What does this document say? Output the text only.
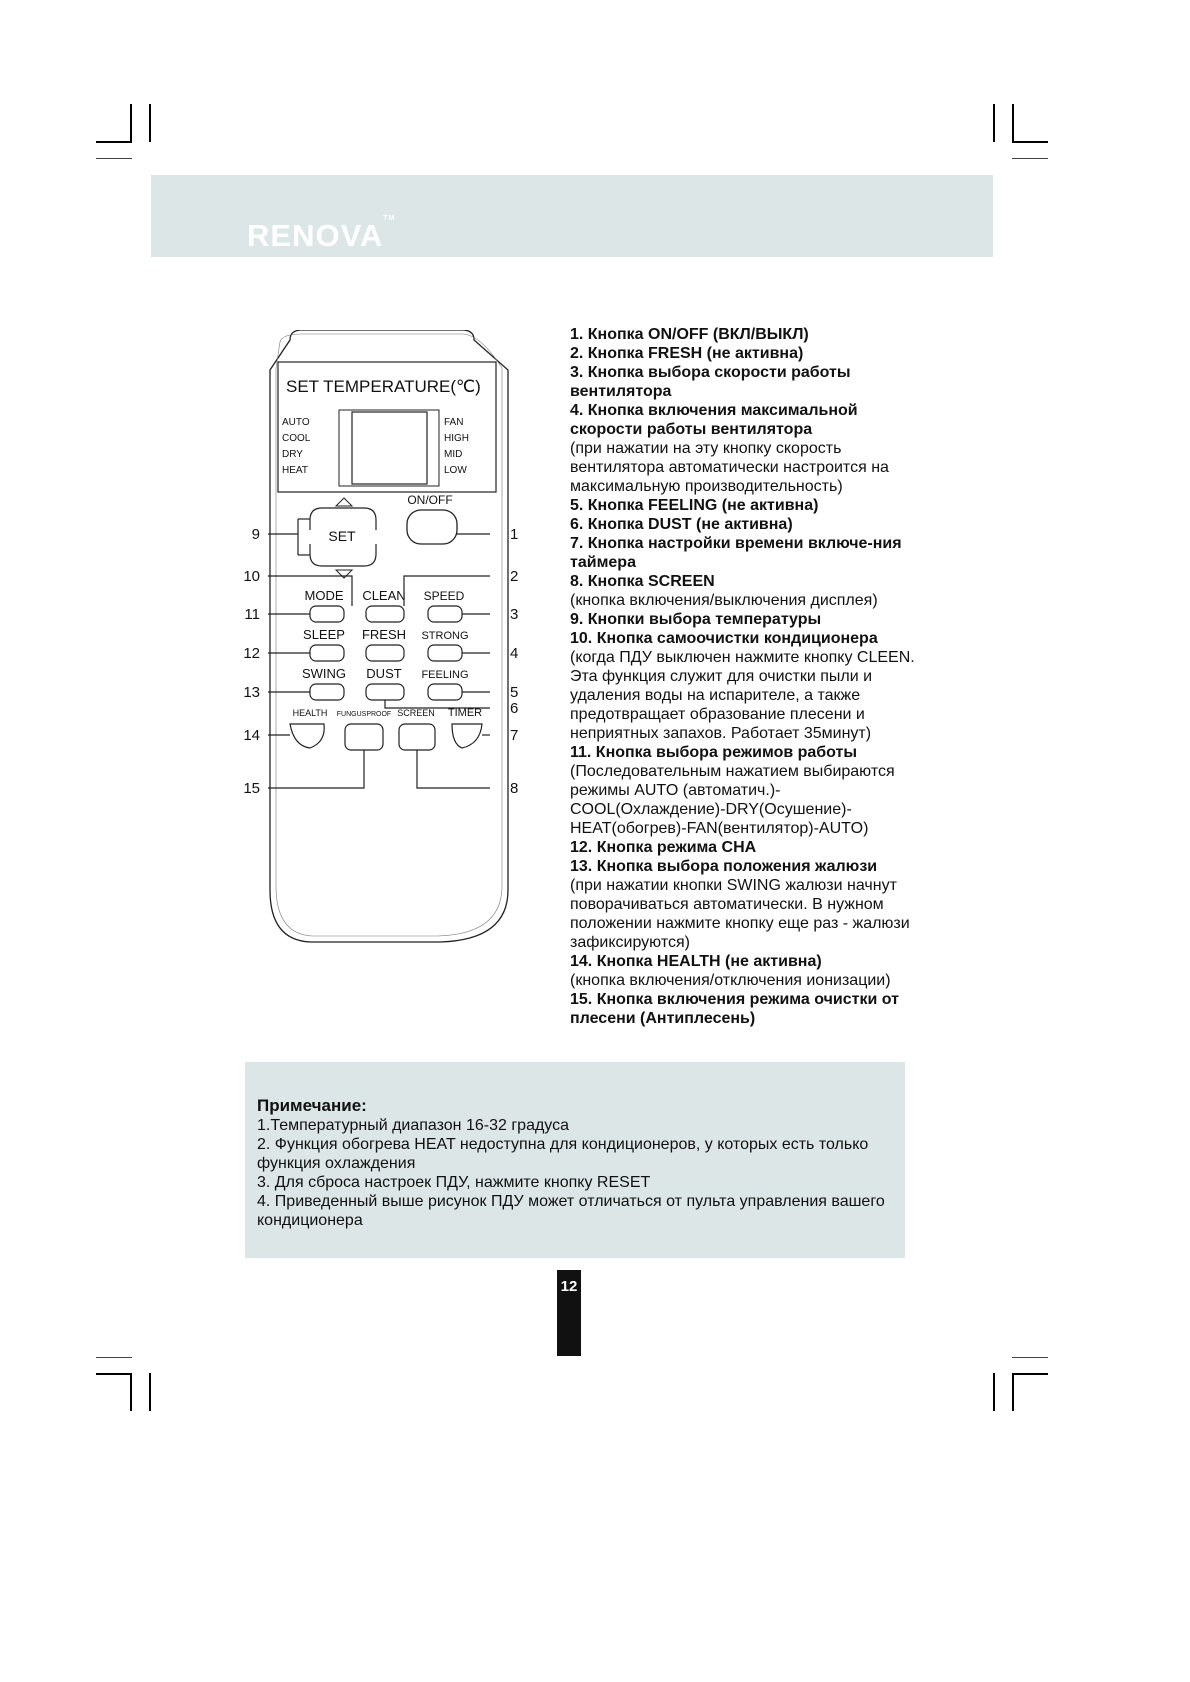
RENOVA TM
SET TEMPERATURE(℃)
AUTO
COOL
DRY
HEAT
FAN
HIGH
MID
LOW
SET
ON/OFF
MODE CLEAN SPEED
SLEEP FRESH STRONG
SWING DUST FEELING
HEALTH FUNGUSPROOF SCREEN TIMER
9
10
11
12
13
14
15
1
2
3
4
5
6
7
8

1. Кнопка ON/OFF (ВКЛ/ВЫКЛ)

2. Кнопка FRESH (не активна)

3. Кнопка выбора скорости работы вентилятора

4. Кнопка включения максимальной скорости работы вентилятора

(при нажатии на эту кнопку скорость вентилятора автоматически настроится на максимальную производительность)

5. Кнопка FEELING (не активна)

6. Кнопка DUST (не активна)

7. Кнопка настройки времени включе-ния таймера

8. Кнопка SCREEN

(кнопка включения/выключения дисплея)

9. Кнопки выбора температуры

10. Кнопка самоочистки кондиционера

(когда ПДУ выключен нажмите кнопку CLEEN. Эта функция служит для очистки пыли и удаления воды на испарителе, а также предотвращает образование плесени и неприятных запахов. Работает 35минут)

11. Кнопка выбора режимов работы

(Последовательным нажатием выбираются режимы AUTO (автоматич.)-COOL(Охлаждение)-DRY(Осушение)-HEAT(обогрев)-FAN(вентилятор)-AUTO)

12. Кнопка режима СНА

13. Кнопка выбора положения жалюзи

(при нажатии кнопки SWING жалюзи начнут поворачиваться автоматически. В нужном положении нажмите кнопку еще раз - жалюзи зафиксируются)

14. Кнопка HEALTH (не активна)

(кнопка включения/отключения ионизации)

15. Кнопка включения режима очистки от плесени (Антиплесень)

Примечание:

1.Температурный диапазон 16-32 градуса

2. Функция обогрева HEAT недоступна для кондиционеров, у которых есть только функция охлаждения

3. Для сброса настроек ПДУ, нажмите кнопку RESET

4. Приведенный выше рисунок ПДУ может отличаться от пульта управления вашего кондиционера

12
